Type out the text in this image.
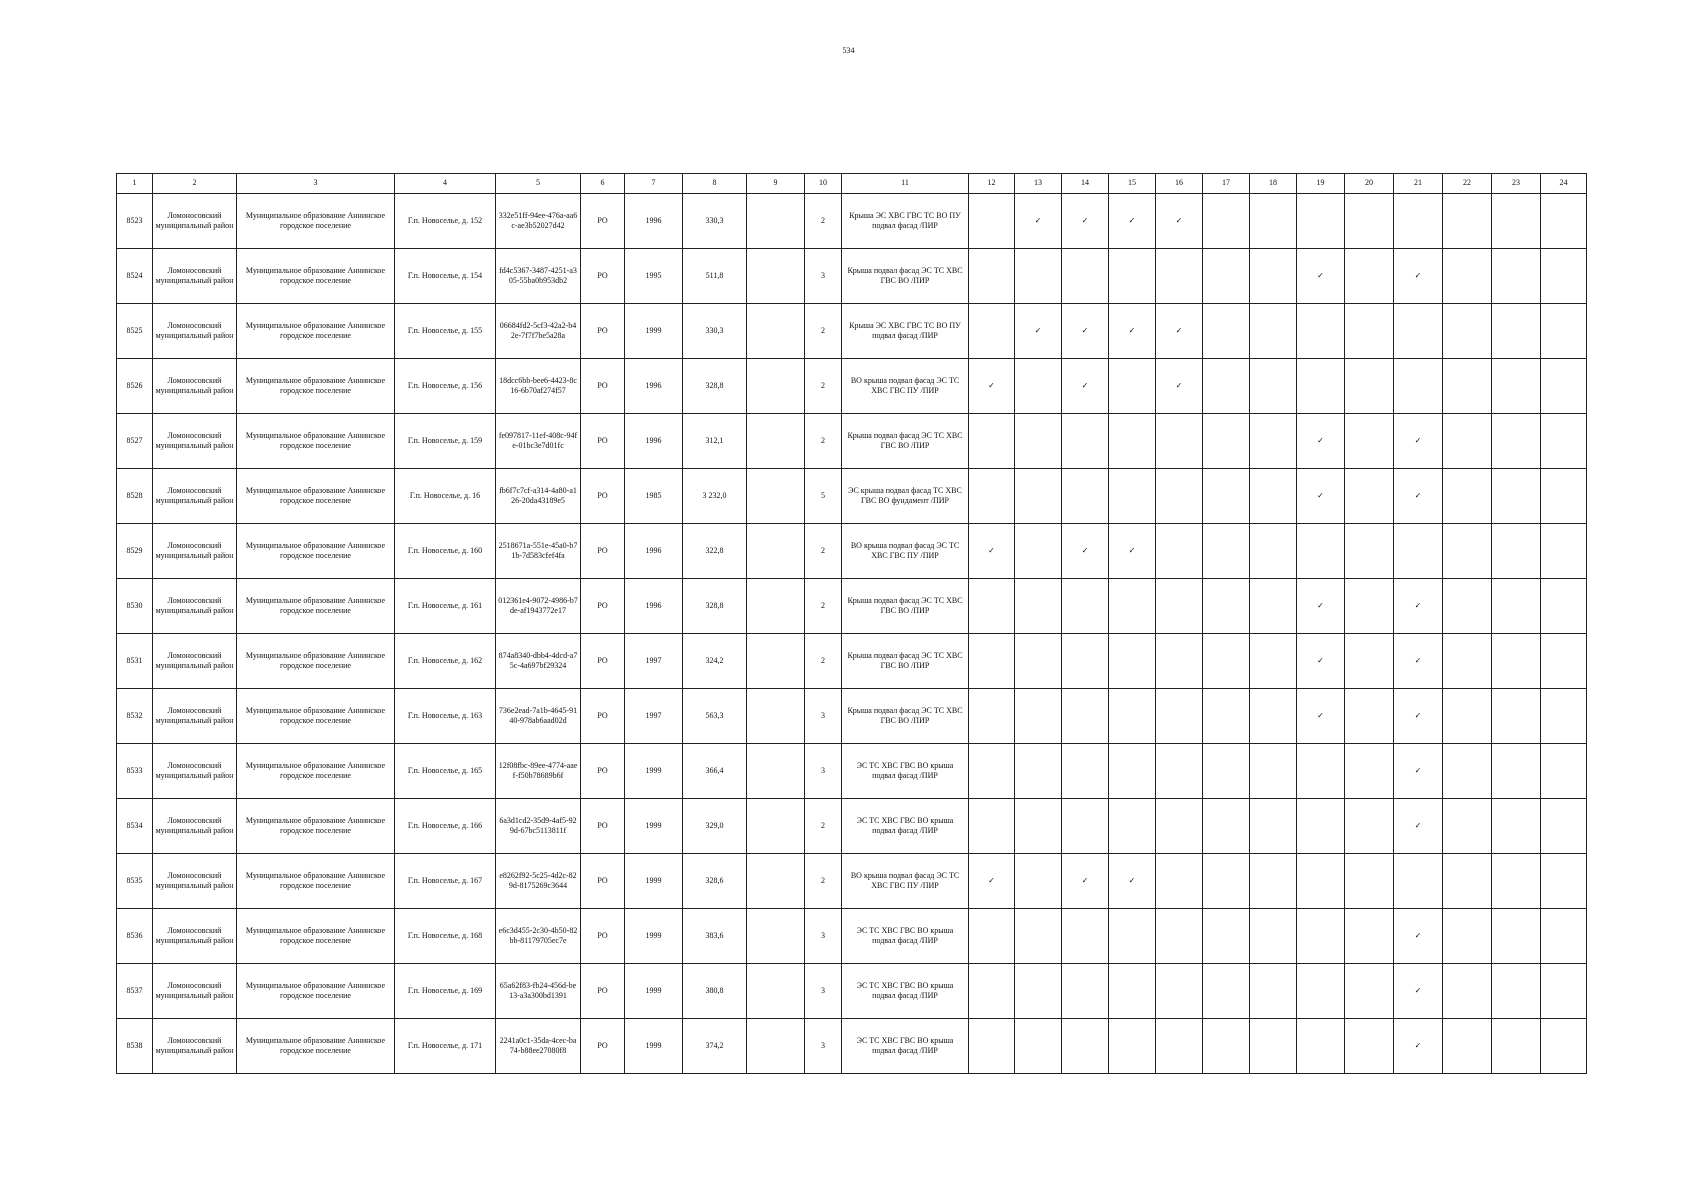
534
1	2	3	4	5	6	7	8	9	10	11	12	13	14	15	16	17	18	19	20	21	22	23	24
8523	Ломоносовский муниципальный район	Муниципальное образование Аннинское городское поселение	Г.п. Новоселье, д. 152	332e51ff-94ee-476a-aa6c-ae3b52027d42	РО	1996	330,3		2	Крыша ЭС ХВС ГВС ТС ВО ПУ подвал фасад /ПИР		✓	✓	✓	✓								
8524	Ломоносовский муниципальный район	Муниципальное образование Аннинское городское поселение	Г.п. Новоселье, д. 154	fd4c5367-3487-4251-a305-55ba0b953db2	РО	1995	511,8		3	Крыша подвал фасад ЭС ТС ХВС ГВС ВО /ПИР								✓		✓			
8525	Ломоносовский муниципальный район	Муниципальное образование Аннинское городское поселение	Г.п. Новоселье, д. 155	06684fd2-5cf3-42a2-b42e-7f7f7be5a28a	РО	1999	330,3		2	Крыша ЭС ХВС ГВС ТС ВО ПУ подвал фасад /ПИР		✓	✓	✓	✓								
8526	Ломоносовский муниципальный район	Муниципальное образование Аннинское городское поселение	Г.п. Новоселье, д. 156	18dcc6bb-bee6-4423-8c16-6b70af274f57	РО	1996	328,8		2	ВО крыша подвал фасад ЭС ТС ХВС ГВС ПУ /ПИР	✓		✓		✓								
8527	Ломоносовский муниципальный район	Муниципальное образование Аннинское городское поселение	Г.п. Новоселье, д. 159	fe097817-11ef-408c-94fe-01bc3e7d01fc	РО	1996	312,1		2	Крыша подвал фасад ЭС ТС ХВС ГВС ВО /ПИР								✓		✓			
8528	Ломоносовский муниципальный район	Муниципальное образование Аннинское городское поселение	Г.п. Новоселье, д. 16	fb6f7c7cf-a314-4a80-a126-20da43189e5	РО	1985	3 232,0		5	ЭС крыша подвал фасад ТС ХВС ГВС ВО фундамент /ПИР								✓		✓			
8529	Ломоносовский муниципальный район	Муниципальное образование Аннинское городское поселение	Г.п. Новоселье, д. 160	2518671a-551e-45a0-b71b-7d583cfef4fa	РО	1996	322,8		2	ВО крыша подвал фасад ЭС ТС ХВС ГВС ПУ /ПИР	✓		✓	✓									
8530	Ломоносовский муниципальный район	Муниципальное образование Аннинское городское поселение	Г.п. Новоселье, д. 161	012361e4-9072-4986-b7de-af1943772e17	РО	1996	328,8		2	Крыша подвал фасад ЭС ТС ХВС ГВС ВО /ПИР								✓		✓			
8531	Ломоносовский муниципальный район	Муниципальное образование Аннинское городское поселение	Г.п. Новоселье, д. 162	874a8340-dbb4-4dcd-a75c-4a697bf29324	РО	1997	324,2		2	Крыша подвал фасад ЭС ТС ХВС ГВС ВО /ПИР								✓		✓			
8532	Ломоносовский муниципальный район	Муниципальное образование Аннинское городское поселение	Г.п. Новоселье, д. 163	736e2ead-7a1b-4645-9140-978ab6aad02d	РО	1997	563,3		3	Крыша подвал фасад ЭС ТС ХВС ГВС ВО /ПИР								✓		✓			
8533	Ломоносовский муниципальный район	Муниципальное образование Аннинское городское поселение	Г.п. Новоселье, д. 165	12f08fbc-89ee-4774-aaef-f50b78689b6f	РО	1999	366,4		3	ЭС ТС ХВС ГВС ВО крыша подвал фасад /ПИР										✓			
8534	Ломоносовский муниципальный район	Муниципальное образование Аннинское городское поселение	Г.п. Новоселье, д. 166	6a3d1cd2-35d9-4af5-929d-67bc5113811f	РО	1999	329,0		2	ЭС ТС ХВС ГВС ВО крыша подвал фасад /ПИР										✓			
8535	Ломоносовский муниципальный район	Муниципальное образование Аннинское городское поселение	Г.п. Новоселье, д. 167	e8262f92-5c25-4d2c-829d-8175269c3644	РО	1999	328,6		2	ВО крыша подвал фасад ЭС ТС ХВС ГВС ПУ /ПИР	✓		✓	✓									
8536	Ломоносовский муниципальный район	Муниципальное образование Аннинское городское поселение	Г.п. Новоселье, д. 168	e6c3d455-2c30-4b50-82bb-81179705ec7e	РО	1999	383,6		3	ЭС ТС ХВС ГВС ВО крыша подвал фасад /ПИР										✓			
8537	Ломоносовский муниципальный район	Муниципальное образование Аннинское городское поселение	Г.п. Новоселье, д. 169	65a62f83-fb24-456d-be13-a3a300bd1391	РО	1999	380,8		3	ЭС ТС ХВС ГВС ВО крыша подвал фасад /ПИР										✓			
8538	Ломоносовский муниципальный район	Муниципальное образование Аннинское городское поселение	Г.п. Новоселье, д. 171	2241a0c1-35da-4cec-ba74-b88ee27080f8	РО	1999	374,2		3	ЭС ТС ХВС ГВС ВО крыша подвал фасад /ПИР										✓			
